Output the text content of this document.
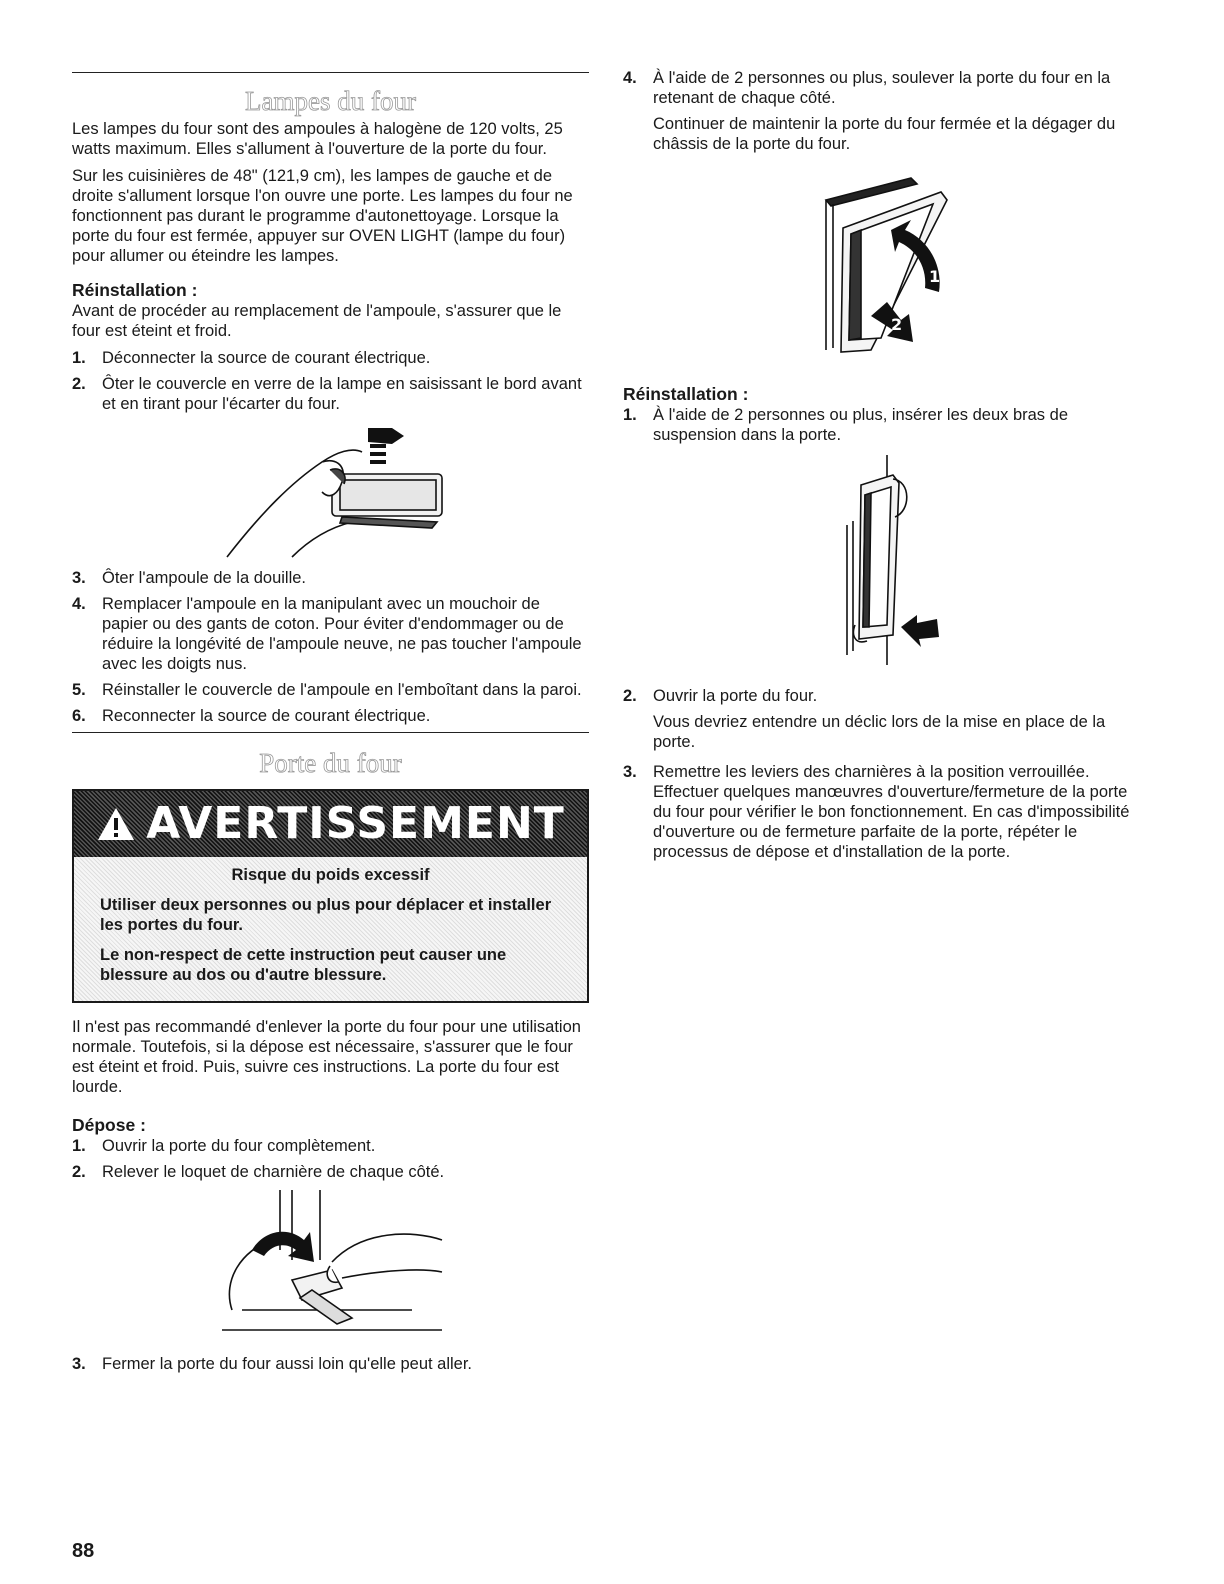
Lampes du four

Les lampes du four sont des ampoules à halogène de 120 volts, 25 watts maximum. Elles s'allument à l'ouverture de la porte du four.

Sur les cuisinières de 48" (121,9 cm), les lampes de gauche et de droite s'allument lorsque l'on ouvre une porte. Les lampes du four ne fonctionnent pas durant le programme d'autonettoyage. Lorsque la porte du four est fermée, appuyer sur OVEN LIGHT (lampe du four) pour allumer ou éteindre les lampes.

Réinstallation :

Avant de procéder au remplacement de l'ampoule, s'assurer que le four est éteint et froid.

1. Déconnecter la source de courant électrique.
2. Ôter le couvercle en verre de la lampe en saisissant le bord avant et en tirant pour l'écarter du four.
3. Ôter l'ampoule de la douille.
4. Remplacer l'ampoule en la manipulant avec un mouchoir de papier ou des gants de coton. Pour éviter d'endommager ou de réduire la longévité de l'ampoule neuve, ne pas toucher l'ampoule avec les doigts nus.
5. Réinstaller le couvercle de l'ampoule en l'emboîtant dans la paroi.
6. Reconnecter la source de courant électrique.
Porte du four
AVERTISSEMENT
Risque du poids excessif

Utiliser deux personnes ou plus pour déplacer et installer les portes du four.

Le non-respect de cette instruction peut causer une blessure au dos ou d'autre blessure.

Il n'est pas recommandé d'enlever la porte du four pour une utilisation normale. Toutefois, si la dépose est nécessaire, s'assurer que le four est éteint et froid. Puis, suivre ces instructions. La porte du four est lourde.

Dépose :
1. Ouvrir la porte du four complètement.
2. Relever le loquet de charnière de chaque côté.
3. Fermer la porte du four aussi loin qu'elle peut aller.
4. À l'aide de 2 personnes ou plus, soulever la porte du four en la retenant de chaque côté.

Continuer de maintenir la porte du four fermée et la dégager du châssis de la porte du four.

1
2
Réinstallation :
1. À l'aide de 2 personnes ou plus, insérer les deux bras de suspension dans la porte.
2. Ouvrir la porte du four.

Vous devriez entendre un déclic lors de la mise en place de la porte.

3. Remettre les leviers des charnières à la position verrouillée. Effectuer quelques manœuvres d'ouverture/fermeture de la porte du four pour vérifier le bon fonctionnement. En cas d'impossibilité d'ouverture ou de fermeture parfaite de la porte, répéter le processus de dépose et d'installation de la porte.
88
